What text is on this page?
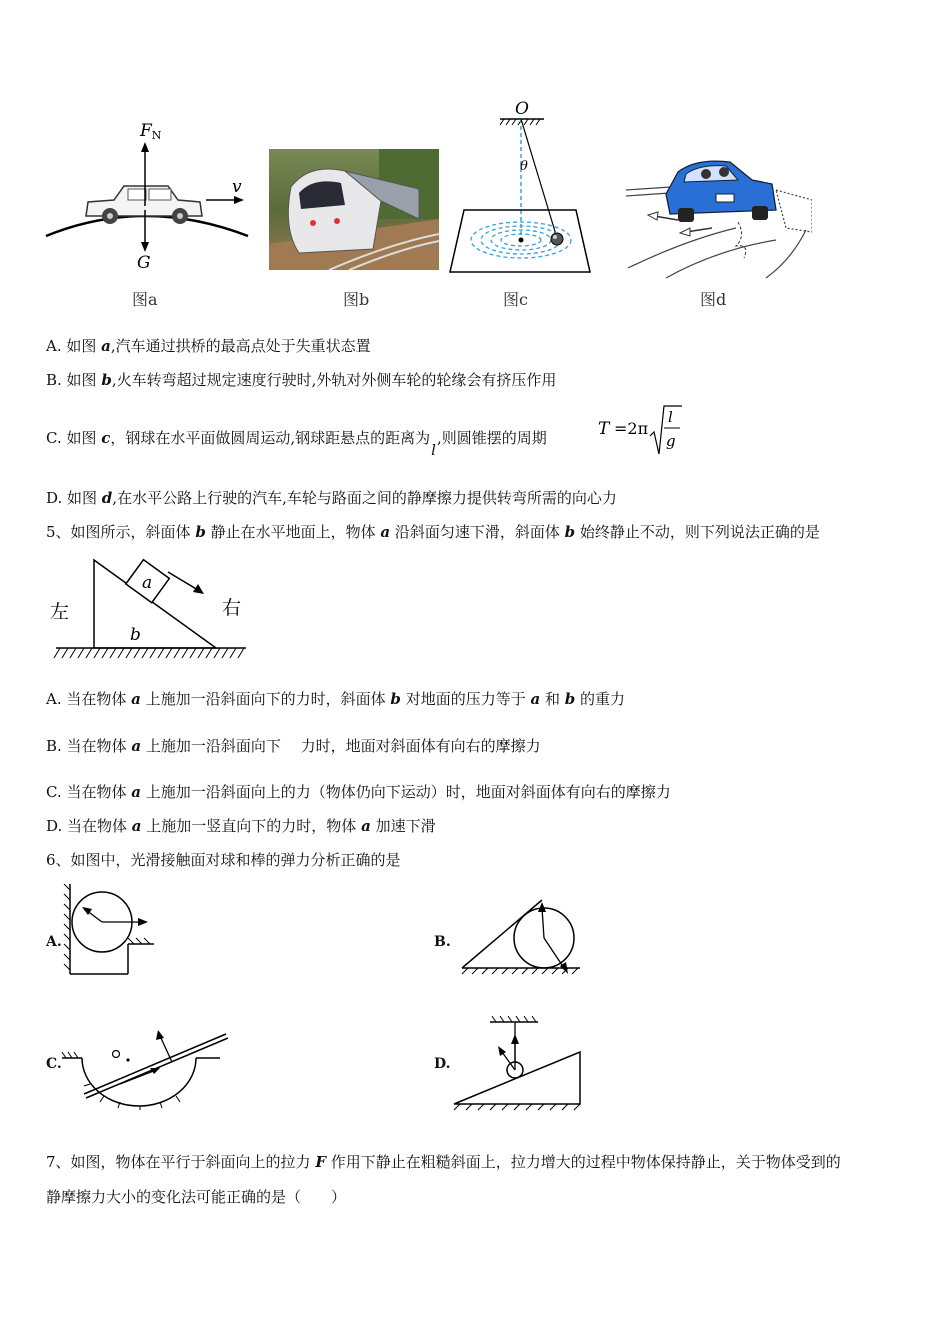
FN
v
G
图a	图b
O
θ
图c	图d
A. 如图 a,汽车通过拱桥的最高点处于失重状态置
B. 如图 b,火车转弯超过规定速度行驶时,外轨对外侧车轮的轮缘会有挤压作用
C. 如图 c，钢球在水平面做圆周运动,钢球距悬点的距离为l,则圆锥摆的周期	T =2π
l
g
D. 如图 d,在水平公路上行驶的汽车,车轮与路面之间的静摩擦力提供转弯所需的向心力
5、如图所示，斜面体 b 静止在水平地面上，物体 a 沿斜面匀速下滑，斜面体 b 始终静止不动，则下列说法正确的是
a
b
左	右
A. 当在物体 a 上施加一沿斜面向下的力时，斜面体 b 对地面的压力等于 a 和 b 的重力
B. 当在物体 a 上施加一沿斜面向下　 力时，地面对斜面体有向右的摩擦力
C. 当在物体 a 上施加一沿斜面向上的力（物体仍向下运动）时，地面对斜面体有向右的摩擦力
D. 当在物体 a 上施加一竖直向下的力时，物体 a 加速下滑
6、如图中，光滑接触面对球和棒的弹力分析正确的是
A.	B.
C.	D.
7、如图，物体在平行于斜面向上的拉力 F 作用下静止在粗糙斜面上，拉力增大的过程中物体保持静止，关于物体受到的
静摩擦力大小的变化法可能正确的是（　　）
